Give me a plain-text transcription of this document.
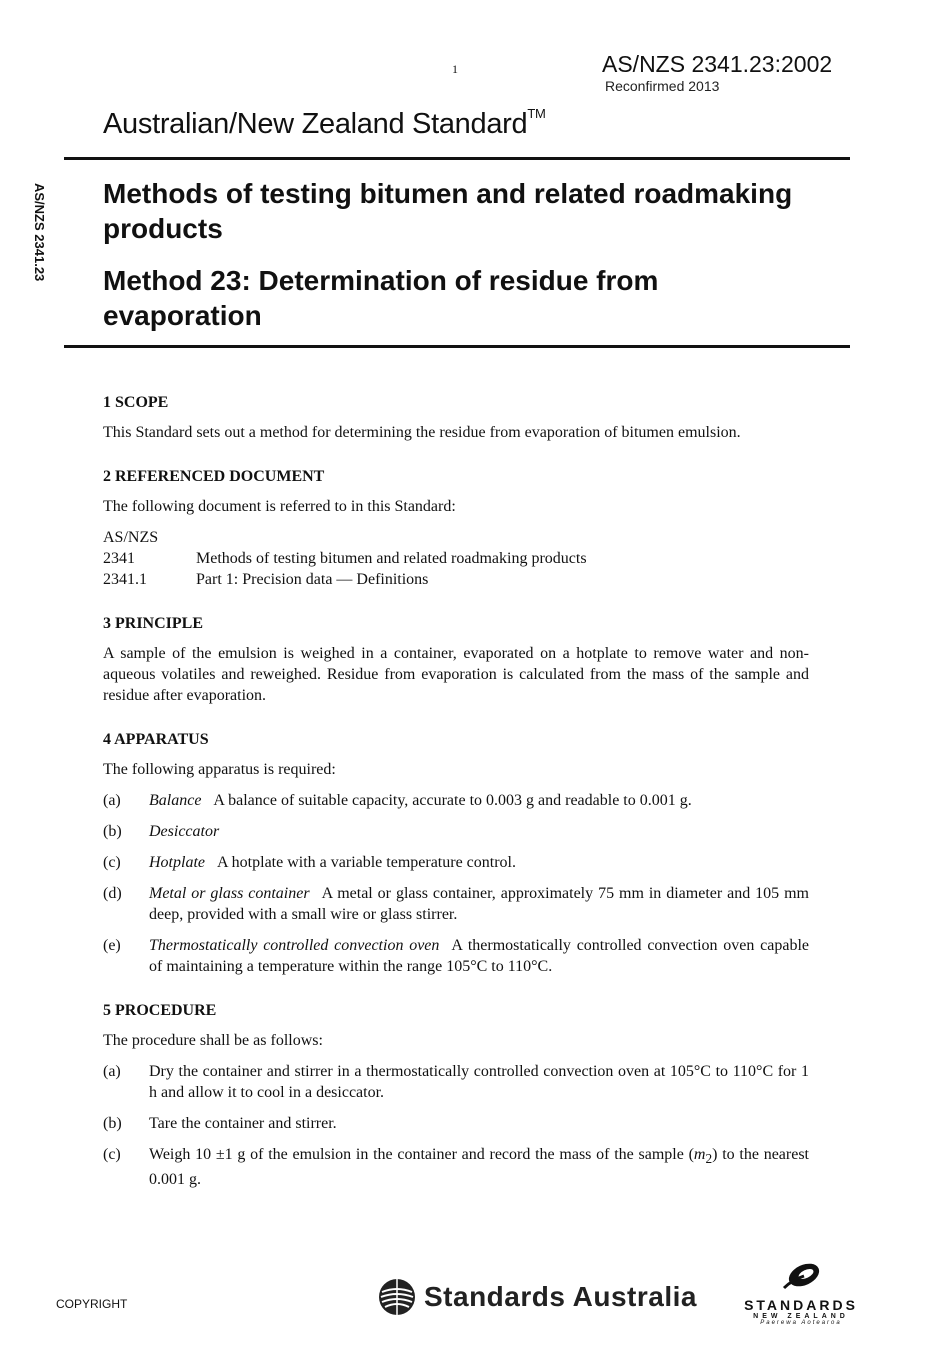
1	AS/NZS 2341.23:2002
Reconfirmed 2013
Australian/New Zealand Standard™
AS/NZS 2341.23 Methods of testing bitumen and related roadmaking products
Method 23: Determination of residue from evaporation
1 SCOPE
This Standard sets out a method for determining the residue from evaporation of bitumen emulsion.
2 REFERENCED DOCUMENT
The following document is referred to in this Standard:
AS/NZS
2341	Methods of testing bitumen and related roadmaking products
2341.1	Part 1: Precision data — Definitions
3 PRINCIPLE
A sample of the emulsion is weighed in a container, evaporated on a hotplate to remove water and non-aqueous volatiles and reweighed. Residue from evaporation is calculated from the mass of the sample and residue after evaporation.
4 APPARATUS
The following apparatus is required:
(a)	Balance A balance of suitable capacity, accurate to 0.003 g and readable to 0.001 g.
(b)	Desiccator
(c)	Hotplate A hotplate with a variable temperature control.
(d)	Metal or glass container A metal or glass container, approximately 75 mm in diameter and 105 mm deep, provided with a small wire or glass stirrer.
(e)	Thermostatically controlled convection oven A thermostatically controlled convection oven capable of maintaining a temperature within the range 105°C to 110°C.
5 PROCEDURE
The procedure shall be as follows:
(a)	Dry the container and stirrer in a thermostatically controlled convection oven at 105°C to 110°C for 1 h and allow it to cool in a desiccator.
(b)	Tare the container and stirrer.
(c)	Weigh 10 ±1 g of the emulsion in the container and record the mass of the sample $(m_2)$ to the nearest 0.001 g.
COPYRIGHT	Standards Australia	STANDARDS
NEW ZEALAND
Paerewa Aotearoa
